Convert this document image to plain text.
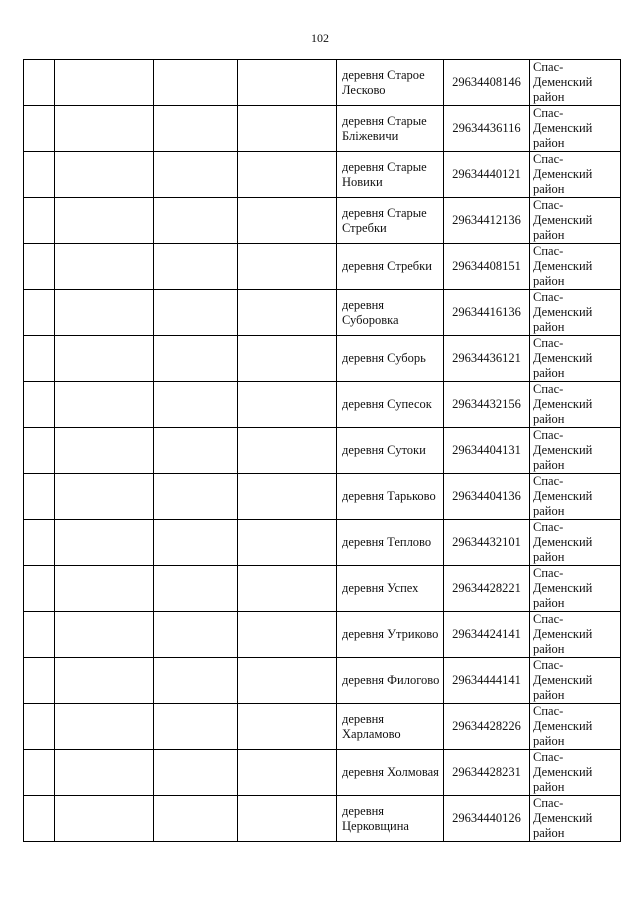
102
				деревня Старое Лесково	29634408146	Спас-Деменский район
				деревня Старые Бліжевичи	29634436116	Спас-Деменский район
				деревня Старые Новики	29634440121	Спас-Деменский район
				деревня Старые Стребки	29634412136	Спас-Деменский район
				деревня Стребки	29634408151	Спас-Деменский район
				деревня Суборовка	29634416136	Спас-Деменский район
				деревня Суборь	29634436121	Спас-Деменский район
				деревня Супесок	29634432156	Спас-Деменский район
				деревня Сутоки	29634404131	Спас-Деменский район
				деревня Тарьково	29634404136	Спас-Деменский район
				деревня Теплово	29634432101	Спас-Деменский район
				деревня Успех	29634428221	Спас-Деменский район
				деревня Утриково	29634424141	Спас-Деменский район
				деревня Филогово	29634444141	Спас-Деменский район
				деревня Харламово	29634428226	Спас-Деменский район
				деревня Холмовая	29634428231	Спас-Деменский район
				деревня Церковщина	29634440126	Спас-Деменский район
